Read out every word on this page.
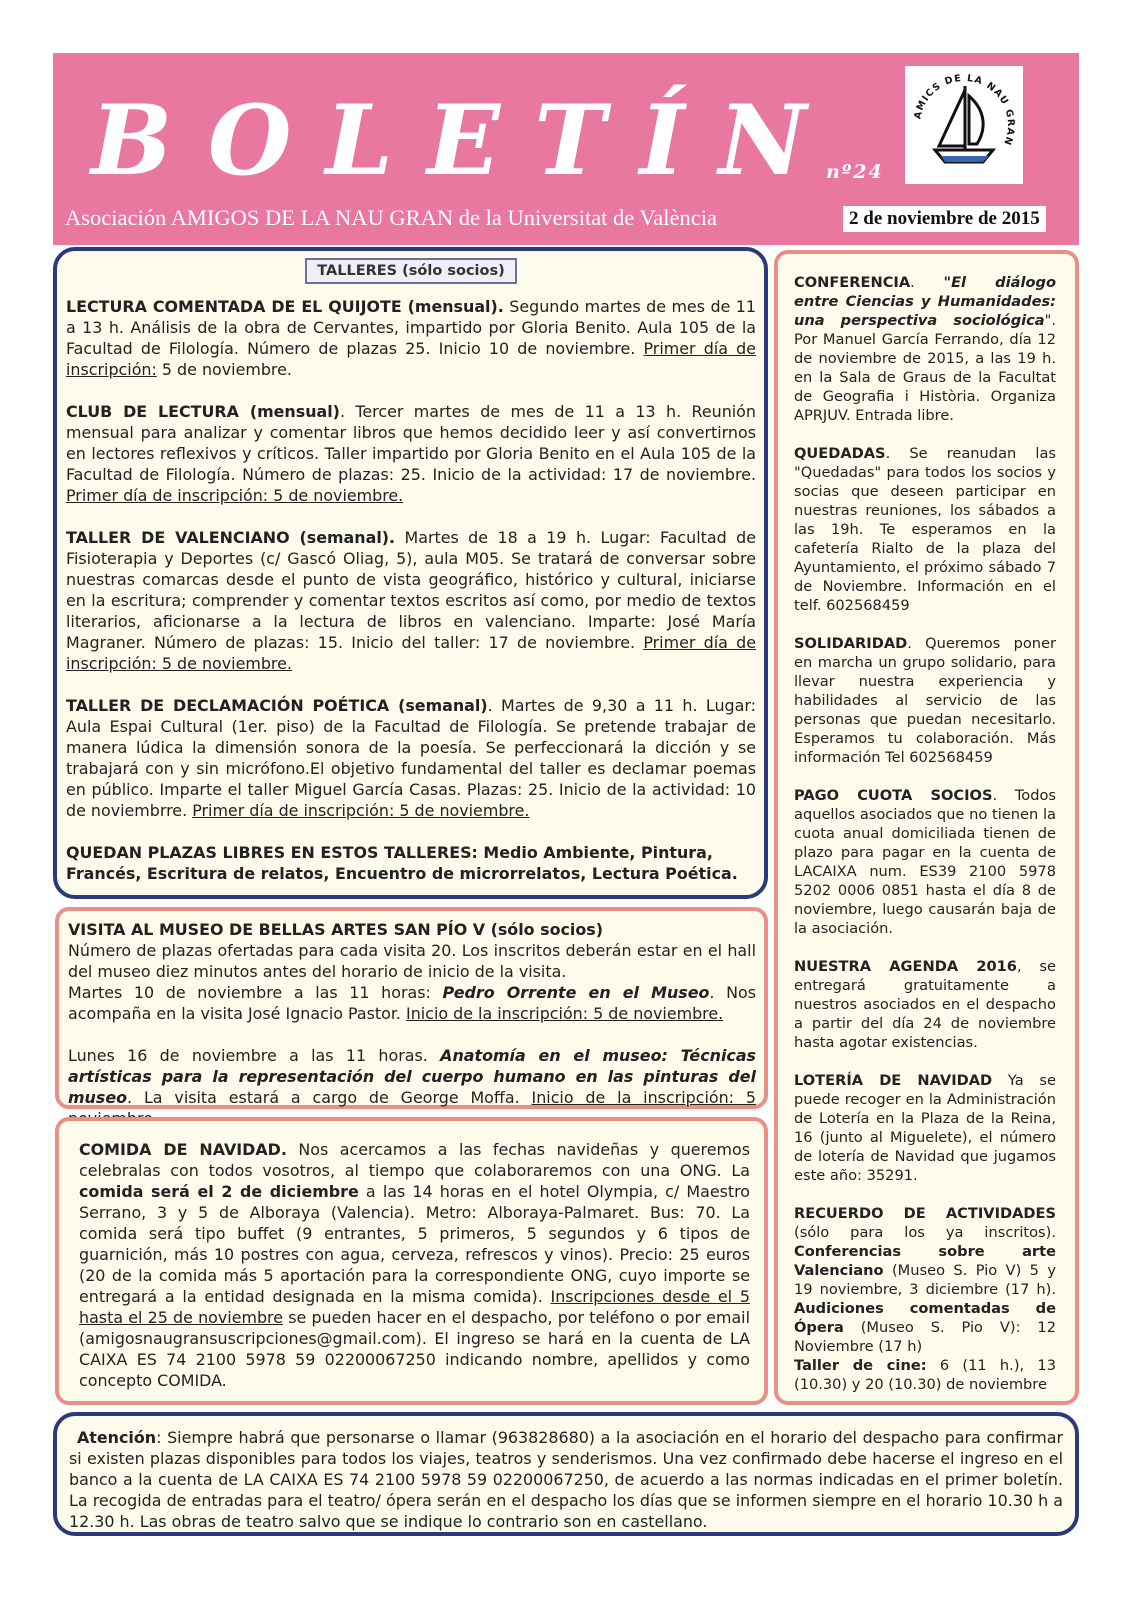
BOLETÍN
nº24
Asociación AMIGOS DE LA NAU GRAN de la Universitat de València	2 de noviembre de 2015
AMICS DE LA NAU GRAN
TALLERES (sólo socios)

LECTURA COMENTADA DE EL QUIJOTE (mensual). Segundo martes de mes de 11 a 13 h. Análisis de la obra de Cervantes, impartido por Gloria Benito. Aula 105 de la Facultad de Filología. Número de plazas 25. Inicio 10 de noviembre. Primer día de inscripción: 5 de noviembre.

CLUB DE LECTURA (mensual). Tercer martes de mes de 11 a 13 h. Reunión mensual para analizar y comentar libros que hemos decidido leer y así convertirnos en lectores reflexivos y críticos. Taller impartido por Gloria Benito en el Aula 105 de la Facultad de Filología. Número de plazas: 25. Inicio de la actividad: 17 de noviembre. Primer día de inscripción: 5 de noviembre.

TALLER DE VALENCIANO (semanal). Martes de 18 a 19 h. Lugar: Facultad de Fisioterapia y Deportes (c/ Gascó Oliag, 5), aula M05. Se tratará de conversar sobre nuestras comarcas desde el punto de vista geográfico, histórico y cultural, iniciarse en la escritura; comprender y comentar textos escritos así como, por medio de textos literarios, aficionarse a la lectura de libros en valenciano. Imparte: José María Magraner. Número de plazas: 15. Inicio del taller: 17 de noviembre. Primer día de inscripción: 5 de noviembre.

TALLER DE DECLAMACIÓN POÉTICA (semanal). Martes de 9,30 a 11 h. Lugar: Aula Espai Cultural (1er. piso) de la Facultad de Filología. Se pretende trabajar de manera lúdica la dimensión sonora de la poesía. Se perfeccionará la dicción y se trabajará con y sin micrófono.El objetivo fundamental del taller es declamar poemas en público. Imparte el taller Miguel García Casas. Plazas: 25. Inicio de la actividad: 10 de noviembrre. Primer día de inscripción: 5 de noviembre.

QUEDAN PLAZAS LIBRES EN ESTOS TALLERES: Medio Ambiente, Pintura, Francés, Escritura de relatos, Encuentro de microrrelatos, Lectura Poética.

VISITA AL MUSEO DE BELLAS ARTES SAN PÍO V (sólo socios)

Número de plazas ofertadas para cada visita 20. Los inscritos deberán estar en el hall del museo diez minutos antes del horario de inicio de la visita.

Martes 10 de noviembre a las 11 horas: Pedro Orrente en el Museo. Nos acompaña en la visita José Ignacio Pastor. Inicio de la inscripción: 5 de noviembre.

Lunes 16 de noviembre a las 11 horas. Anatomía en el museo: Técnicas artísticas para la representación del cuerpo humano en las pinturas del museo. La visita estará a cargo de George Moffa. Inicio de la inscripción: 5

COMIDA DE NAVIDAD. Nos acercamos a las fechas navideñas y queremos celebralas con todos vosotros, al tiempo que colaboraremos con una ONG. La comida será el 2 de diciembre a las 14 horas en el hotel Olympia, c/ Maestro Serrano, 3 y 5 de Alboraya (Valencia). Metro: Alboraya-Palmaret. Bus: 70. La comida será tipo buffet (9 entrantes, 5 primeros, 5 segundos y 6 tipos de guarnición, más 10 postres con agua, cerveza, refrescos y vinos). Precio: 25 euros (20 de la comida más 5 aportación para la correspondiente ONG, cuyo importe se entregará a la entidad designada en la misma comida). Inscripciones desde el 5 hasta el 25 de noviembre se pueden hacer en el despacho, por teléfono o por email (amigosnaugransuscripciones@gmail.com). El ingreso se hará en la cuenta de LA CAIXA ES 74 2100 5978 59 02200067250 indicando nombre, apellidos y como concepto COMIDA.

CONFERENCIA. "El diálogo entre Ciencias y Humanidades: una perspectiva sociológica". Por Manuel García Ferrando, día 12 de noviembre de 2015, a las 19 h. en la Sala de Graus de la Facultat de Geografia i Història. Organiza APRJUV. Entrada libre.

QUEDADAS. Se reanudan las "Quedadas" para todos los socios y socias que deseen participar en nuestras reuniones, los sábados a las 19h. Te esperamos en la cafetería Rialto de la plaza del Ayuntamiento, el próximo sábado 7 de Noviembre. Información en el telf. 602568459

SOLIDARIDAD. Queremos poner en marcha un grupo solidario, para llevar nuestra experiencia y habilidades al servicio de las personas que puedan necesitarlo. Esperamos tu colaboración. Más información Tel 602568459

PAGO CUOTA SOCIOS. Todos aquellos asociados que no tienen la cuota anual domiciliada tienen de plazo para pagar en la cuenta de LACAIXA num. ES39 2100 5978 5202 0006 0851 hasta el día 8 de noviembre, luego causarán baja de la asociación.

NUESTRA AGENDA 2016, se entregará gratuitamente a nuestros asociados en el despacho a partir del día 24 de noviembre hasta agotar existencias.

LOTERÍA DE NAVIDAD Ya se puede recoger en la Administración de Lotería en la Plaza de la Reina, 16 (junto al Miguelete), el número de lotería de Navidad que jugamos este año: 35291.

RECUERDO DE ACTIVIDADES (sólo para los ya inscritos). Conferencias sobre arte Valenciano (Museo S. Pio V) 5 y 19 noviembre, 3 diciembre (17 h). Audiciones comentadas de Ópera (Museo S. Pio V): 12 Noviembre (17 h)
Taller de cine: 6 (11 h.), 13 (10.30) y 20 (10.30) de noviembre

Atención: Siempre habrá que personarse o llamar (963828680) a la asociación en el horario del despacho para confirmar si existen plazas disponibles para todos los viajes, teatros y senderismos. Una vez confirmado debe hacerse el ingreso en el banco a la cuenta de LA CAIXA ES 74 2100 5978 59 02200067250, de acuerdo a las normas indicadas en el primer boletín. La recogida de entradas para el teatro/ ópera serán en el despacho los días que se informen siempre en el horario 10.30 h a 12.30 h. Las obras de teatro salvo que se indique lo contrario son en castellano.
